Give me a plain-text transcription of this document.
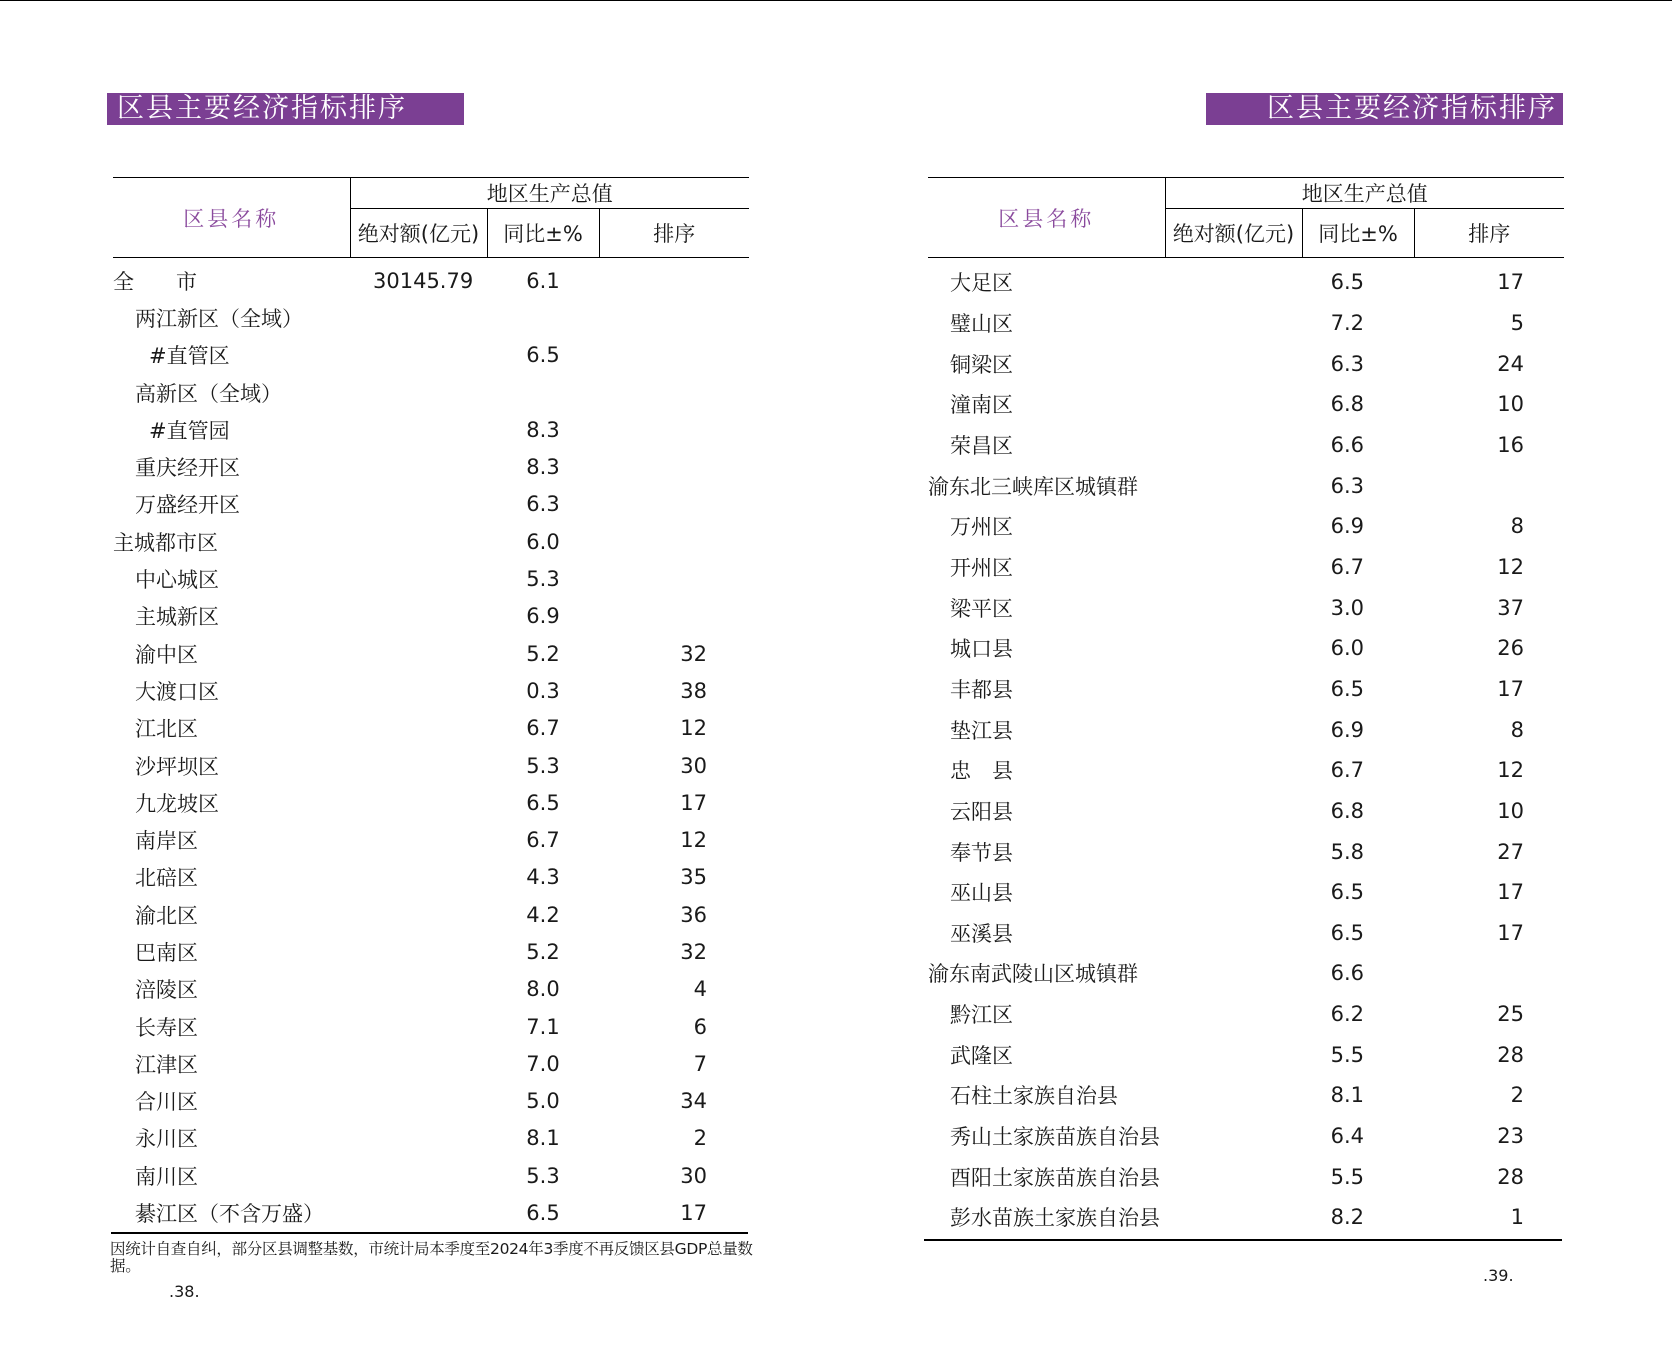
区县主要经济指标排序	区县主要经济指标排序
区县名称	地区生产总值		
	绝对额(亿元)	同比±%	排序
全　　市	30145.79	6.1	
两江新区（全域）			
#直管区		6.5	
高新区（全域）			
#直管园		8.3	
重庆经开区		8.3	
万盛经开区		6.3	
主城都市区		6.0	
中心城区		5.3	
主城新区		6.9	
渝中区		5.2	32
大渡口区		0.3	38
江北区		6.7	12
沙坪坝区		5.3	30
九龙坡区		6.5	17
南岸区		6.7	12
北碚区		4.3	35
渝北区		4.2	36
巴南区		5.2	32
涪陵区		8.0	4
长寿区		7.1	6
江津区		7.0	7
合川区		5.0	34
永川区		8.1	2
南川区		5.3	30
綦江区（不含万盛）		6.5	17
区县名称	地区生产总值		
	绝对额(亿元)	同比±%	排序
大足区		6.5	17
璧山区		7.2	5
铜梁区		6.3	24
潼南区		6.8	10
荣昌区		6.6	16
渝东北三峡库区城镇群		6.3	
万州区		6.9	8
开州区		6.7	12
梁平区		3.0	37
城口县		6.0	26
丰都县		6.5	17
垫江县		6.9	8
忠　县		6.7	12
云阳县		6.8	10
奉节县		5.8	27
巫山县		6.5	17
巫溪县		6.5	17
渝东南武陵山区城镇群		6.6	
黔江区		6.2	25
武隆区		5.5	28
石柱土家族自治县		8.1	2
秀山土家族苗族自治县		6.4	23
酉阳土家族苗族自治县		5.5	28
彭水苗族土家族自治县		8.2	1
因统计自查自纠，部分区县调整基数，市统计局本季度至2024年3季度不再反馈区县GDP总量数据。
.38.
.39.
